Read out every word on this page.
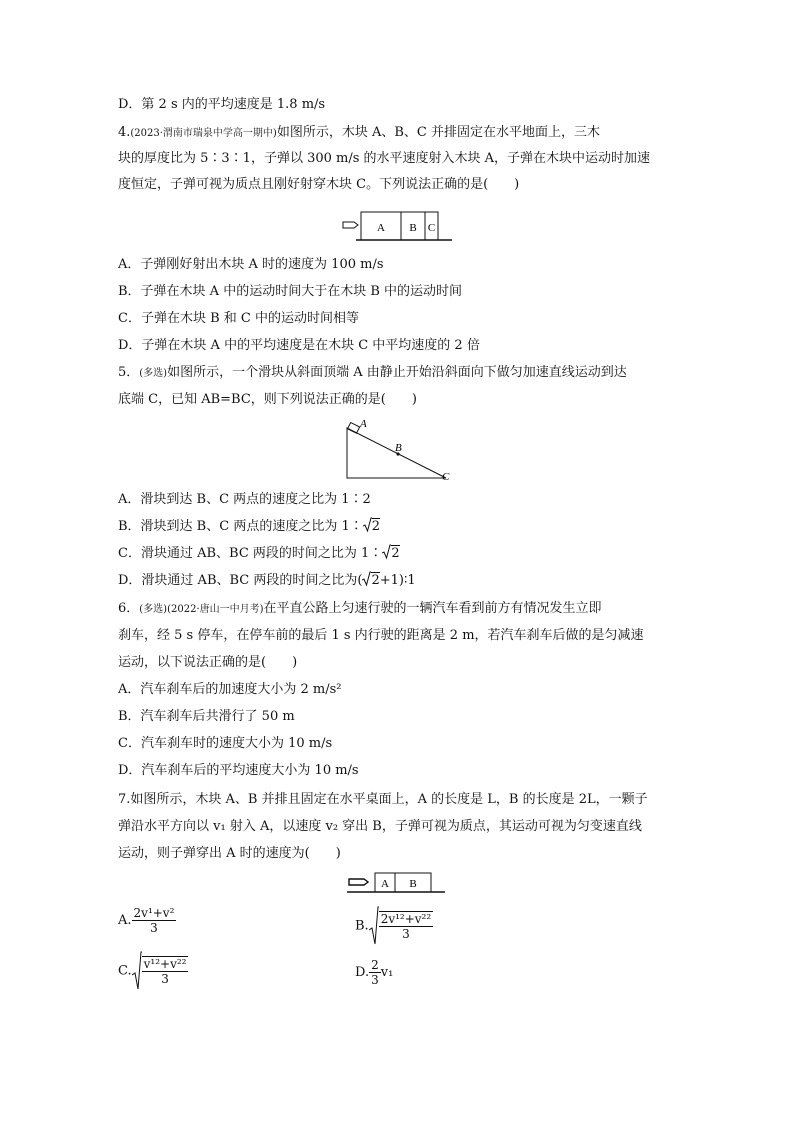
D．第 2 s 内的平均速度是 1.8 m/s
4.(2023·渭南市瑞泉中学高一期中)如图所示，木块 A、B、C 并排固定在水平地面上，三木
块的厚度比为 5∶3∶1，子弹以 300 m/s 的水平速度射入木块 A，子弹在木块中运动时加速
度恒定，子弹可视为质点且刚好射穿木块 C。下列说法正确的是(　　)
A B C
A．子弹刚好射出木块 A 时的速度为 100 m/s
B．子弹在木块 A 中的运动时间大于在木块 B 中的运动时间
C．子弹在木块 B 和 C 中的运动时间相等
D．子弹在木块 A 中的平均速度是在木块 C 中平均速度的 2 倍
5．(多选)如图所示，一个滑块从斜面顶端 A 由静止开始沿斜面向下做匀加速直线运动到达
底端 C，已知 AB=BC，则下列说法正确的是(　　)
A
B
C
A．滑块到达 B、C 两点的速度之比为 1∶2
B．滑块到达 B、C 两点的速度之比为 1∶ 2
C．滑块通过 AB、BC 两段的时间之比为 1∶ 2
D．滑块通过 AB、BC 两段的时间之比为( 2+1)∶1
6．(多选)(2022·唐山一中月考)在平直公路上匀速行驶的一辆汽车看到前方有情况发生立即
刹车，经 5 s 停车，在停车前的最后 1 s 内行驶的距离是 2 m，若汽车刹车后做的是匀减速
运动，以下说法正确的是(　　)
A．汽车刹车后的加速度大小为 2 m/s²
B．汽车刹车后共滑行了 50 m
C．汽车刹车时的速度大小为 10 m/s
D．汽车刹车后的平均速度大小为 10 m/s
7.如图所示，木块 A、B 并排且固定在水平桌面上，A 的长度是 L，B 的长度是 2L，一颗子
弹沿水平方向以 v₁ 射入 A，以速度 v₂ 穿出 B，子弹可视为质点，其运动可视为匀变速直线
运动，则子弹穿出 A 时的速度为(　　)
A B
A. $\frac{\text{2v¹+v²}}{3}$	B. $\frac{\text{2v¹²+v²²}}{3}$
C. $\frac{\text{v¹²+v²²}}{3}$	D. $\frac{2}{3} v_1$
